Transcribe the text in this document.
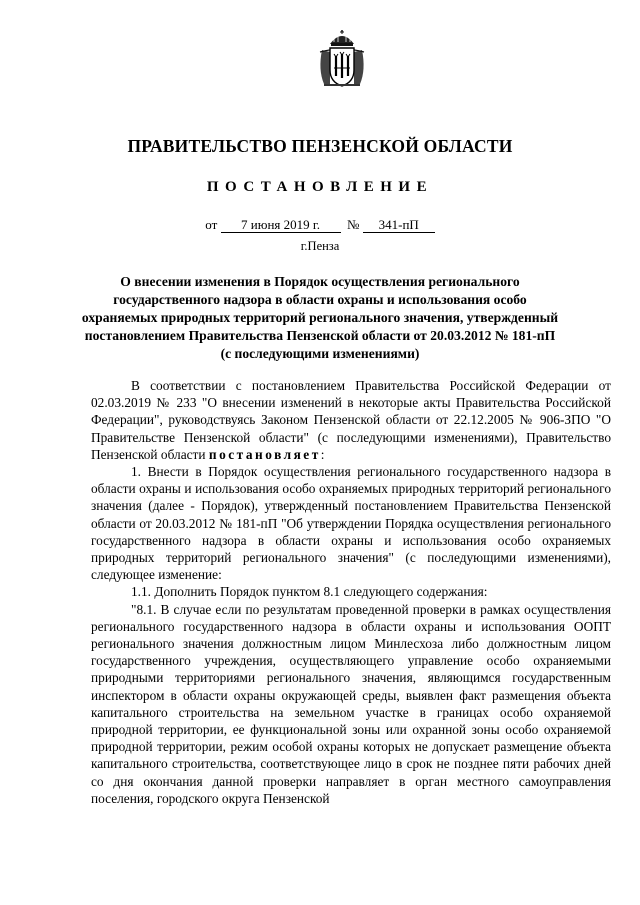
ПРАВИТЕЛЬСТВО ПЕНЗЕНСКОЙ ОБЛАСТИ
ПОСТАНОВЛЕНИЕ
от 7 июня 2019 г. № 341-пП
г.Пенза
О внесении изменения в Порядок осуществления регионального государственного надзора в области охраны и использования особо охраняемых природных территорий регионального значения, утвержденный постановлением Правительства Пензенской области от 20.03.2012 № 181-пП (с последующими изменениями)

В соответствии с постановлением Правительства Российской Федерации от 02.03.2019 № 233 "О внесении изменений в некоторые акты Правительства Российской Федерации", руководствуясь Законом Пензенской области от 22.12.2005 № 906-ЗПО "О Правительстве Пензенской области" (с последующими изменениями), Правительство Пензенской области постановляет:

1. Внести в Порядок осуществления регионального государственного надзора в области охраны и использования особо охраняемых природных территорий регионального значения (далее - Порядок), утвержденный постановлением Правительства Пензенской области от 20.03.2012 № 181-пП "Об утверждении Порядка осуществления регионального государственного надзора в области охраны и использования особо охраняемых природных территорий регионального значения" (с последующими изменениями), следующее изменение:

1.1. Дополнить Порядок пунктом 8.1 следующего содержания:

"8.1. В случае если по результатам проведенной проверки в рамках осуществления регионального государственного надзора в области охраны и использования ООПТ регионального значения должностным лицом Минлесхоза либо должностным лицом государственного учреждения, осуществляющего управление особо охраняемыми природными территориями регионального значения, являющимся государственным инспектором в области охраны окружающей среды, выявлен факт размещения объекта капитального строительства на земельном участке в границах особо охраняемой природной территории, ее функциональной зоны или охранной зоны особо охраняемой природной территории, режим особой охраны которых не допускает размещение объекта капитального строительства, соответствующее лицо в срок не позднее пяти рабочих дней со дня окончания данной проверки направляет в орган местного самоуправления поселения, городского округа Пензенской
